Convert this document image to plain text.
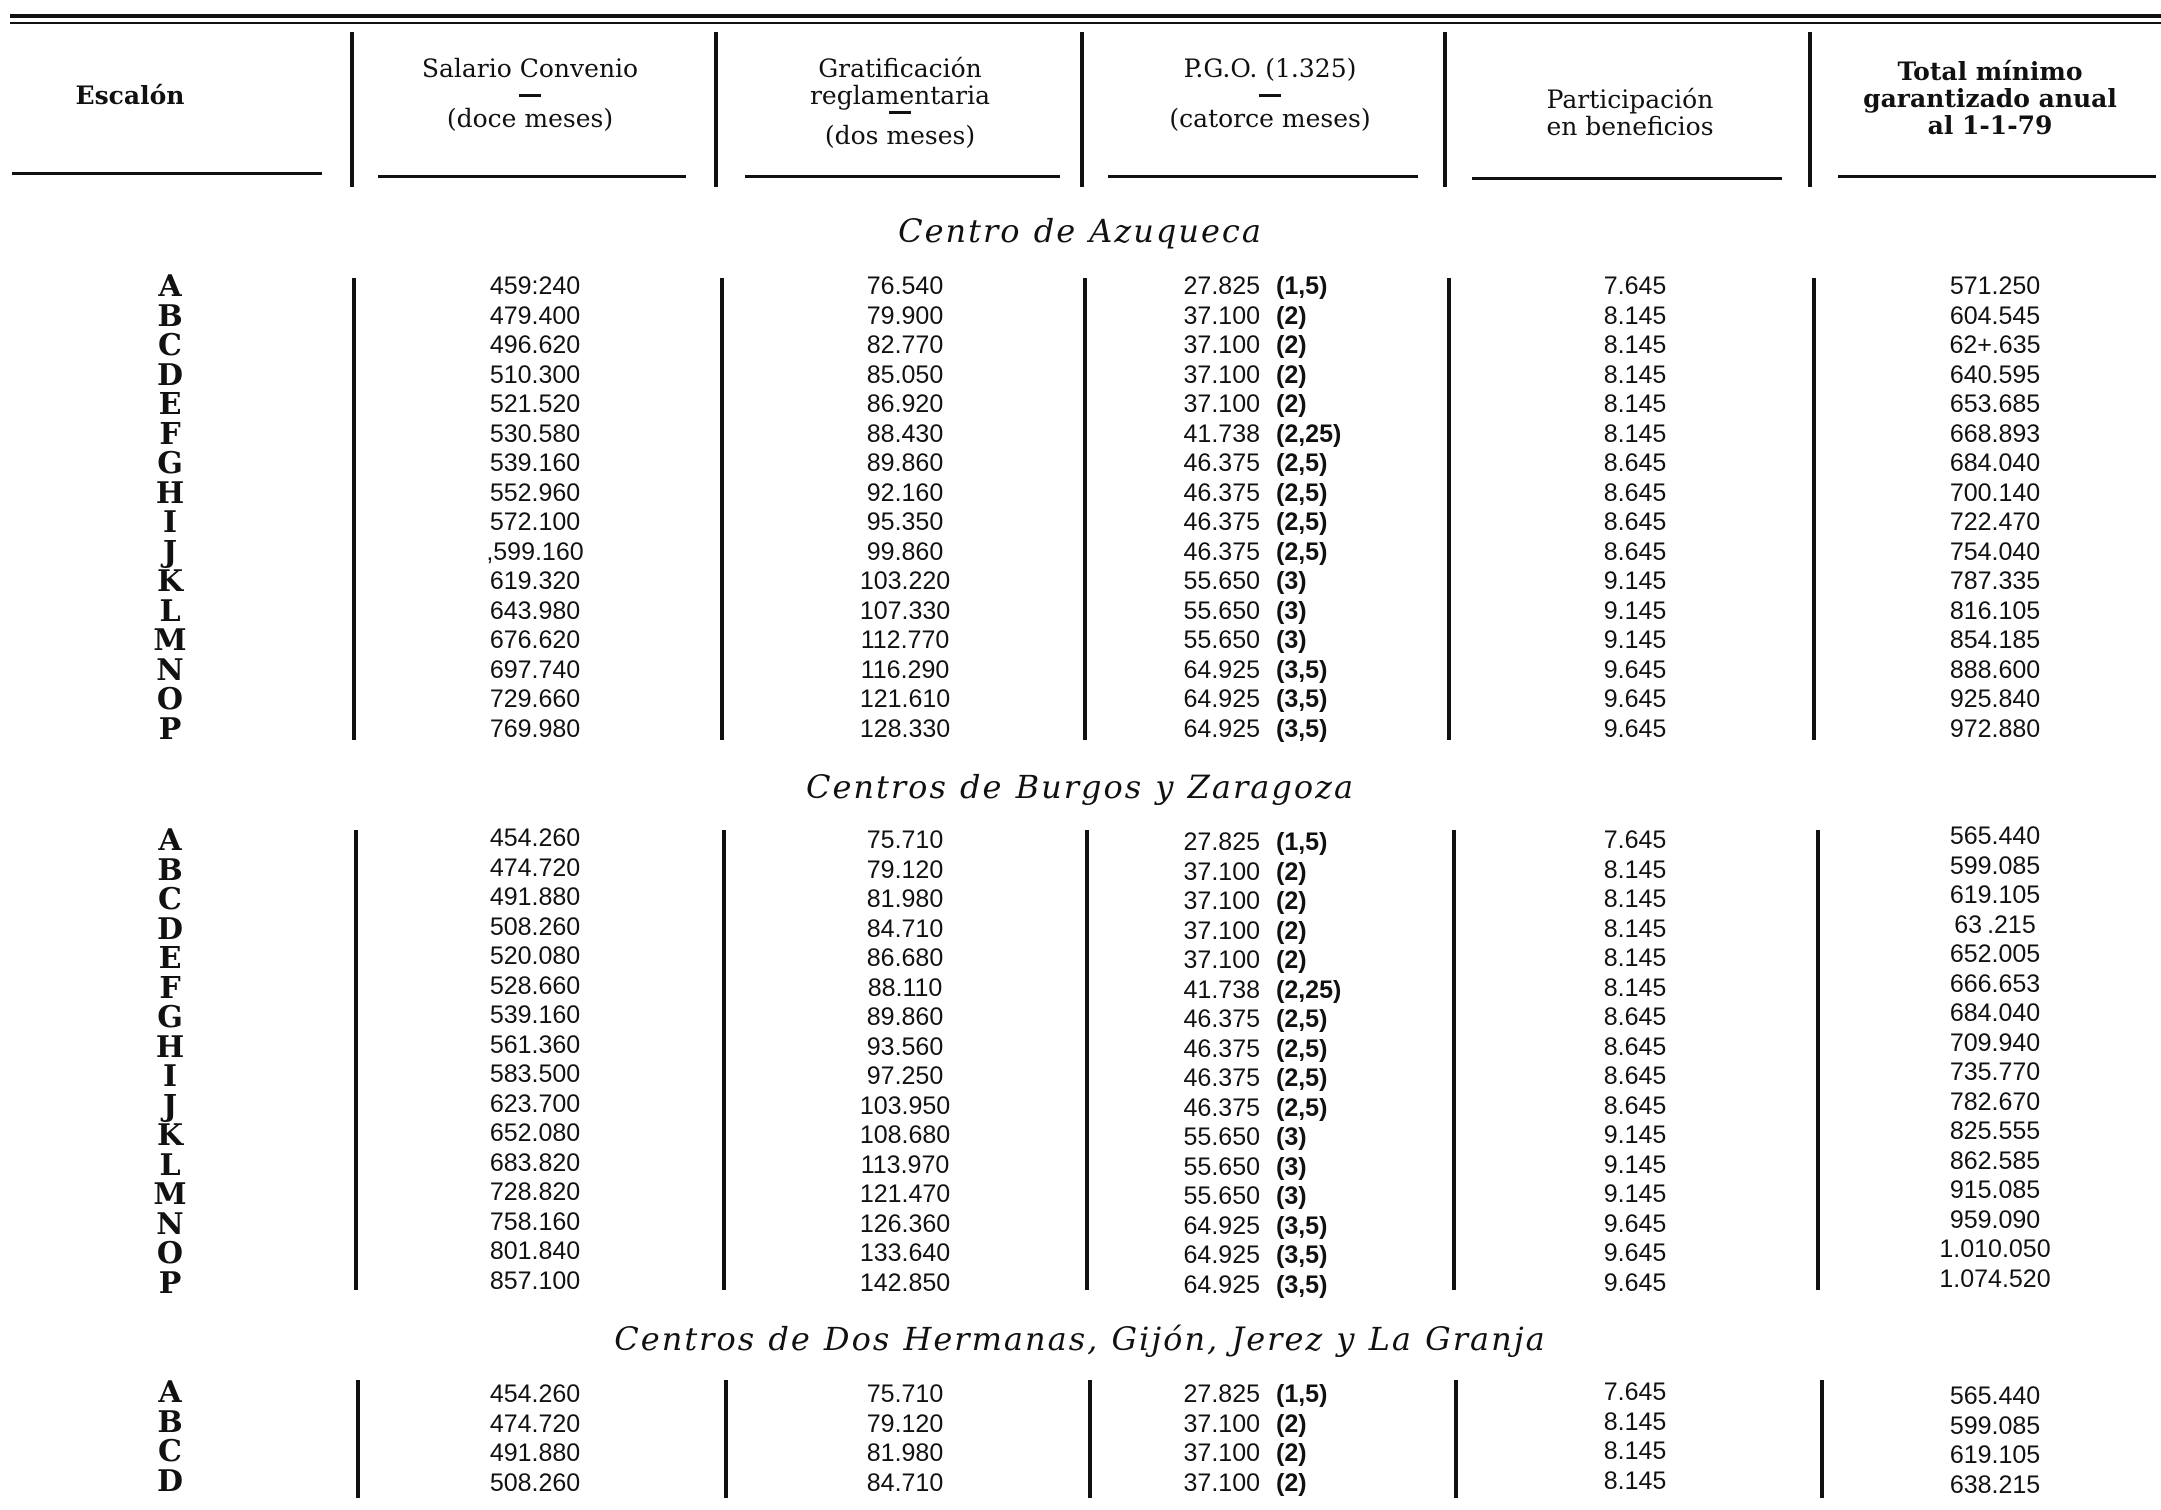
Escalón
Salario Convenio
(doce meses)
Gratificación
reglamentaria
(dos meses)
P.G.O. (1.325)
(catorce meses)
Participación
en beneficios
Total mínimo
garantizado anual
al 1-1-79
Centro de Azuqueca
A
B
C
D
E
F
G
H
I
J
K
L
M
N
O
P
459:240
479.400
496.620
510.300
521.520
530.580
539.160
552.960
572.100
,599.160
619.320
643.980
676.620
697.740
729.660
769.980
76.540
79.900
82.770
85.050
86.920
88.430
89.860
92.160
95.350
99.860
103.220
107.330
112.770
116.290
121.610
128.330
27.825 (1,5)
37.100 (2)
37.100 (2)
37.100 (2)
37.100 (2)
41.738 (2,25)
46.375 (2,5)
46.375 (2,5)
46.375 (2,5)
46.375 (2,5)
55.650 (3)
55.650 (3)
55.650 (3)
64.925 (3,5)
64.925 (3,5)
64.925 (3,5)
7.645
8.145
8.145
8.145
8.145
8.145
8.645
8.645
8.645
8.645
9.145
9.145
9.145
9.645
9.645
9.645
571.250
604.545
62+.635
640.595
653.685
668.893
684.040
700.140
722.470
754.040
787.335
816.105
854.185
888.600
925.840
972.880
Centros de Burgos y Zaragoza
A
B
C
D
E
F
G
H
I
J
K
L
M
N
O
P
454.260
474.720
491.880
508.260
520.080
528.660
539.160
561.360
583.500
623.700
652.080
683.820
728.820
758.160
801.840
857.100
75.710
79.120
81.980
84.710
86.680
88.110
89.860
93.560
97.250
103.950
108.680
113.970
121.470
126.360
133.640
142.850
27.825 (1,5)
37.100 (2)
37.100 (2)
37.100 (2)
37.100 (2)
41.738 (2,25)
46.375 (2,5)
46.375 (2,5)
46.375 (2,5)
46.375 (2,5)
55.650 (3)
55.650 (3)
55.650 (3)
64.925 (3,5)
64.925 (3,5)
64.925 (3,5)
7.645
8.145
8.145
8.145
8.145
8.145
8.645
8.645
8.645
8.645
9.145
9.145
9.145
9.645
9.645
9.645
565.440
599.085
619.105
63 .215
652.005
666.653
684.040
709.940
735.770
782.670
825.555
862.585
915.085
959.090
1.010.050
1.074.520
Centros de Dos Hermanas, Gijón, Jerez y La Granja
A
B
C
D
454.260
474.720
491.880
508.260
75.710
79.120
81.980
84.710
27.825 (1,5)
37.100 (2)
37.100 (2)
37.100 (2)
7.645
8.145
8.145
8.145
565.440
599.085
619.105
638.215
